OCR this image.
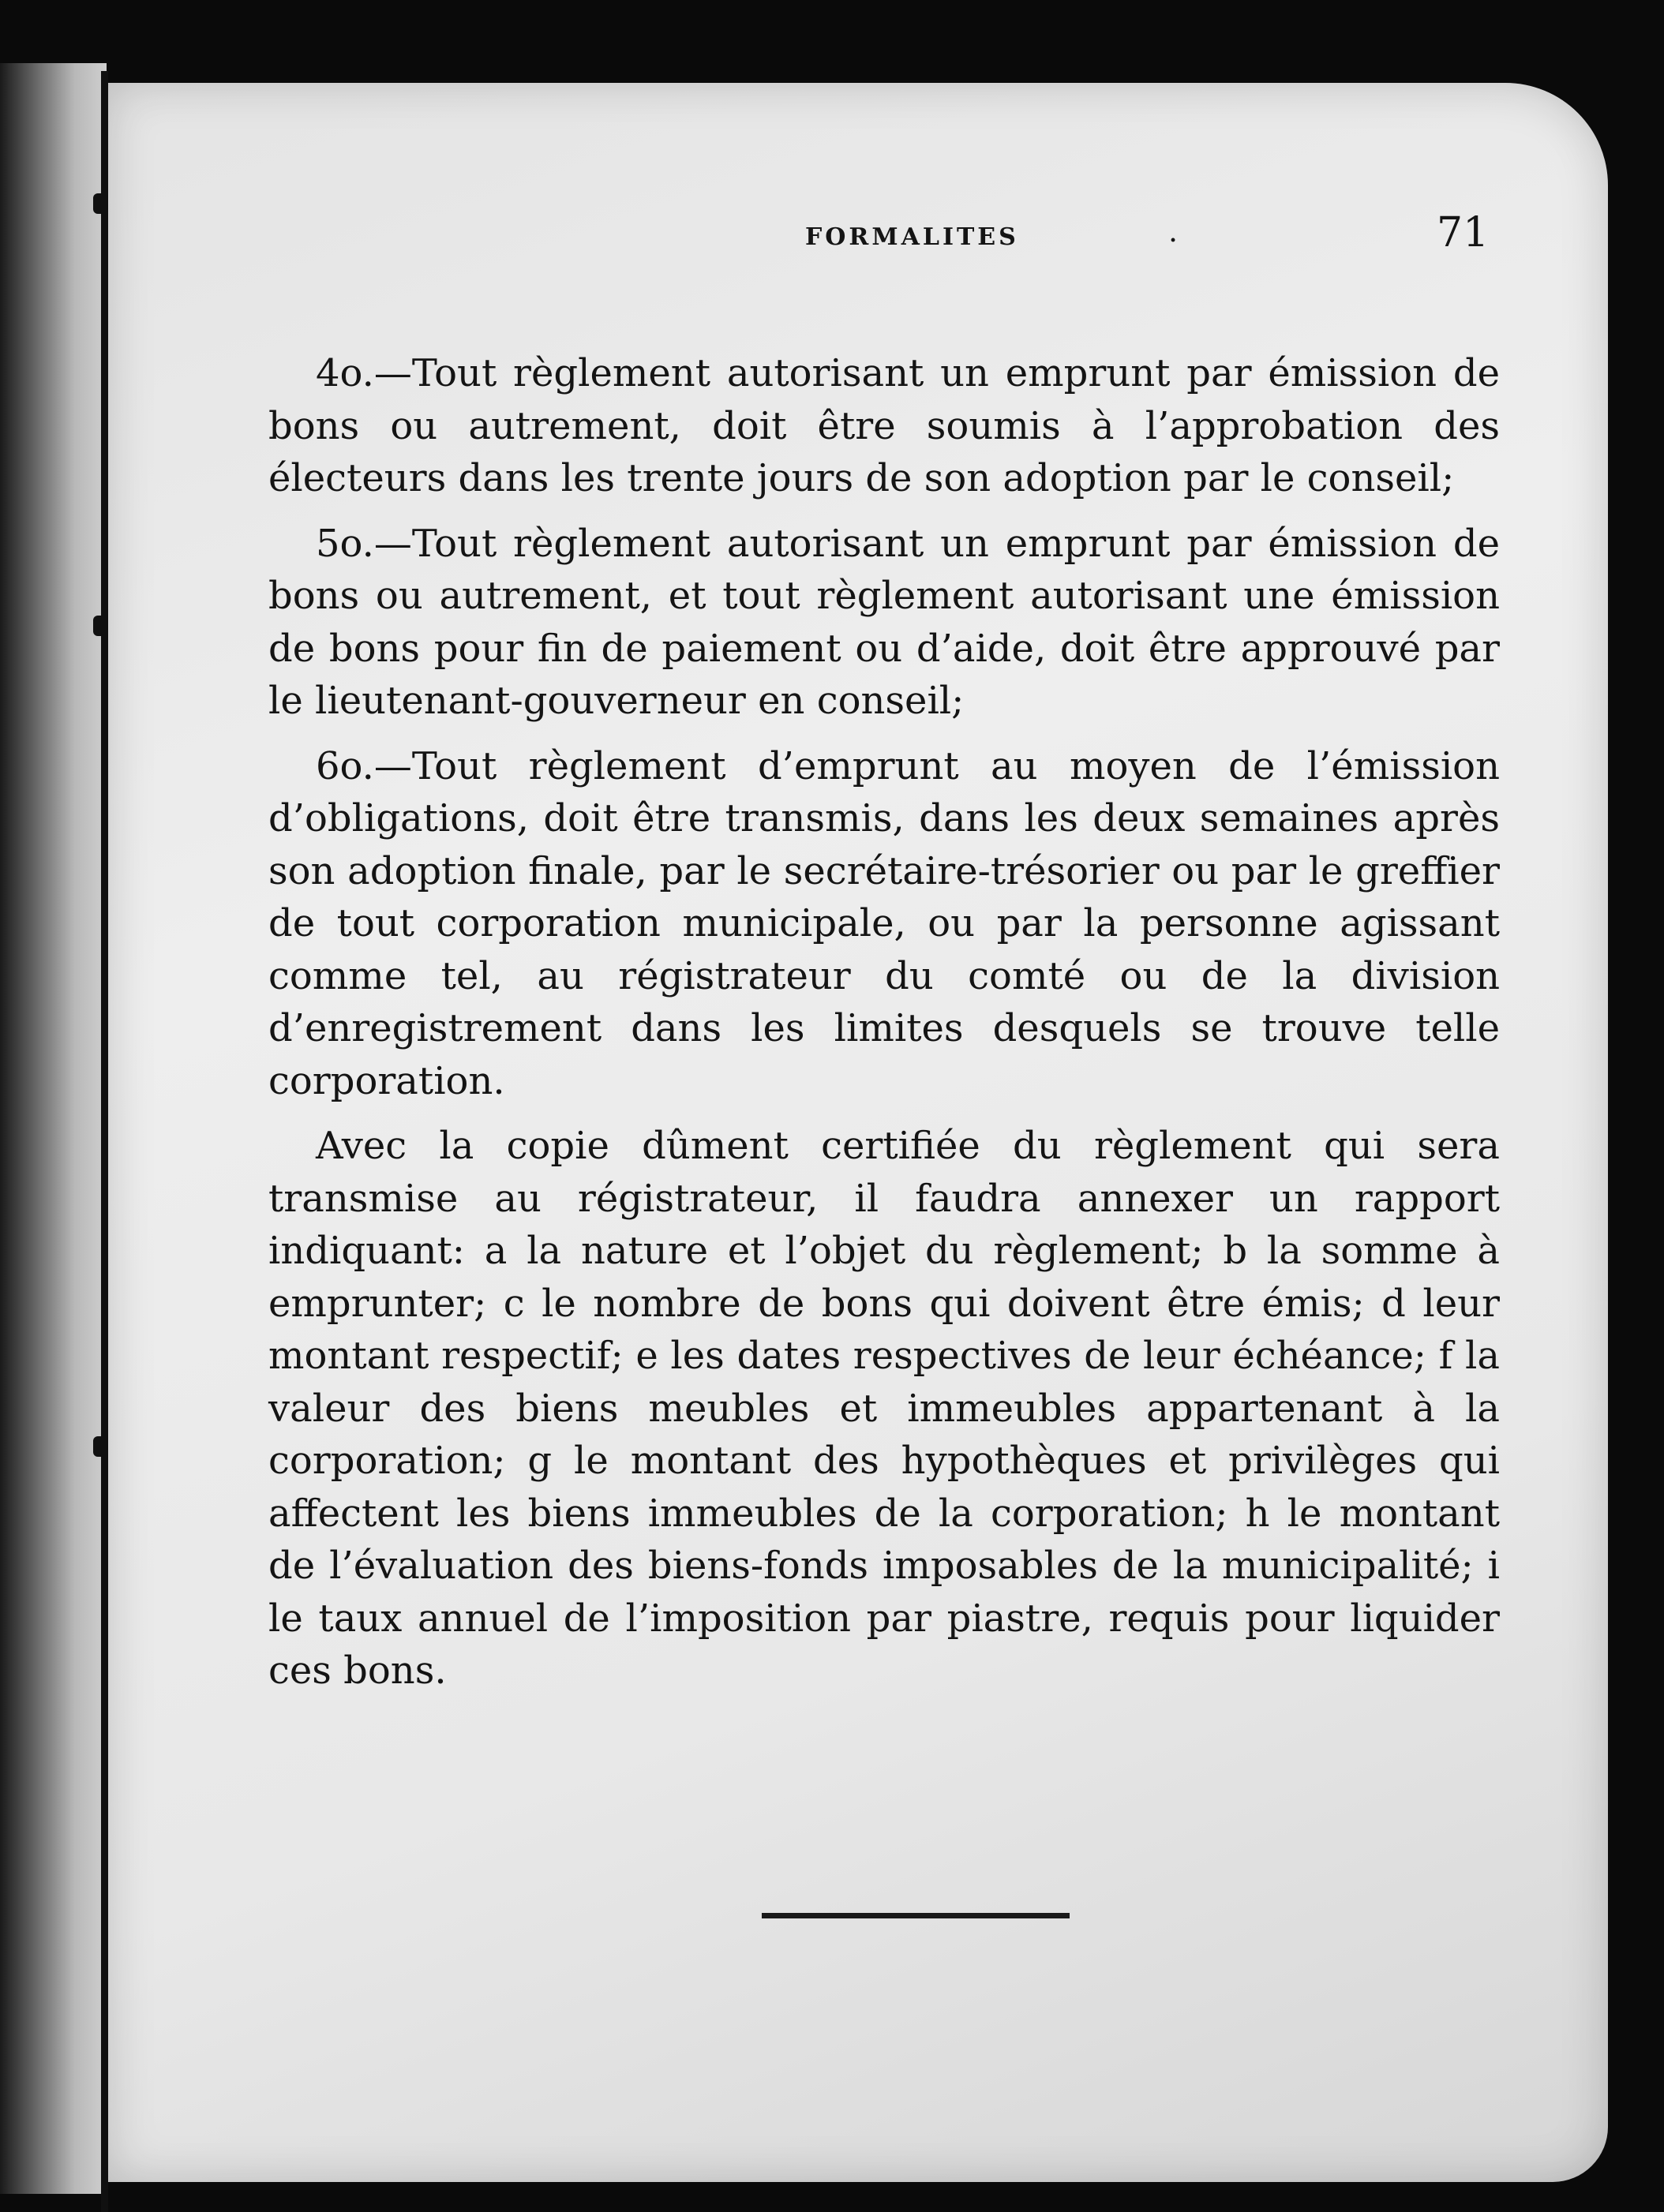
FORMALITES	.	71

4o.—Tout règlement autorisant un emprunt par émission de bons ou autrement, doit être soumis à l’approbation des électeurs dans les trente jours de son adoption par le conseil;

5o.—Tout règlement autorisant un emprunt par émission de bons ou autrement, et tout règlement autorisant une émission de bons pour fin de paiement ou d’aide, doit être approuvé par le lieutenant-gouverneur en conseil;

6o.—Tout règlement d’emprunt au moyen de l’émission d’obligations, doit être transmis, dans les deux semaines après son adoption finale, par le secrétaire-trésorier ou par le greffier de tout corporation municipale, ou par la personne agissant comme tel, au régistrateur du comté ou de la division d’enregistrement dans les limites desquels se trouve telle corporation.

Avec la copie dûment certifiée du règlement qui sera transmise au régistrateur, il faudra annexer un rapport indiquant: a la nature et l’objet du règlement; b la somme à emprunter; c le nombre de bons qui doivent être émis; d leur montant respectif; e les dates respectives de leur échéance; f la valeur des biens meubles et immeubles appartenant à la corporation; g le montant des hypothèques et privilèges qui affectent les biens immeubles de la corporation; h le montant de l’évaluation des biens-fonds imposables de la municipalité; i le taux annuel de l’imposition par piastre, requis pour liquider ces bons.
